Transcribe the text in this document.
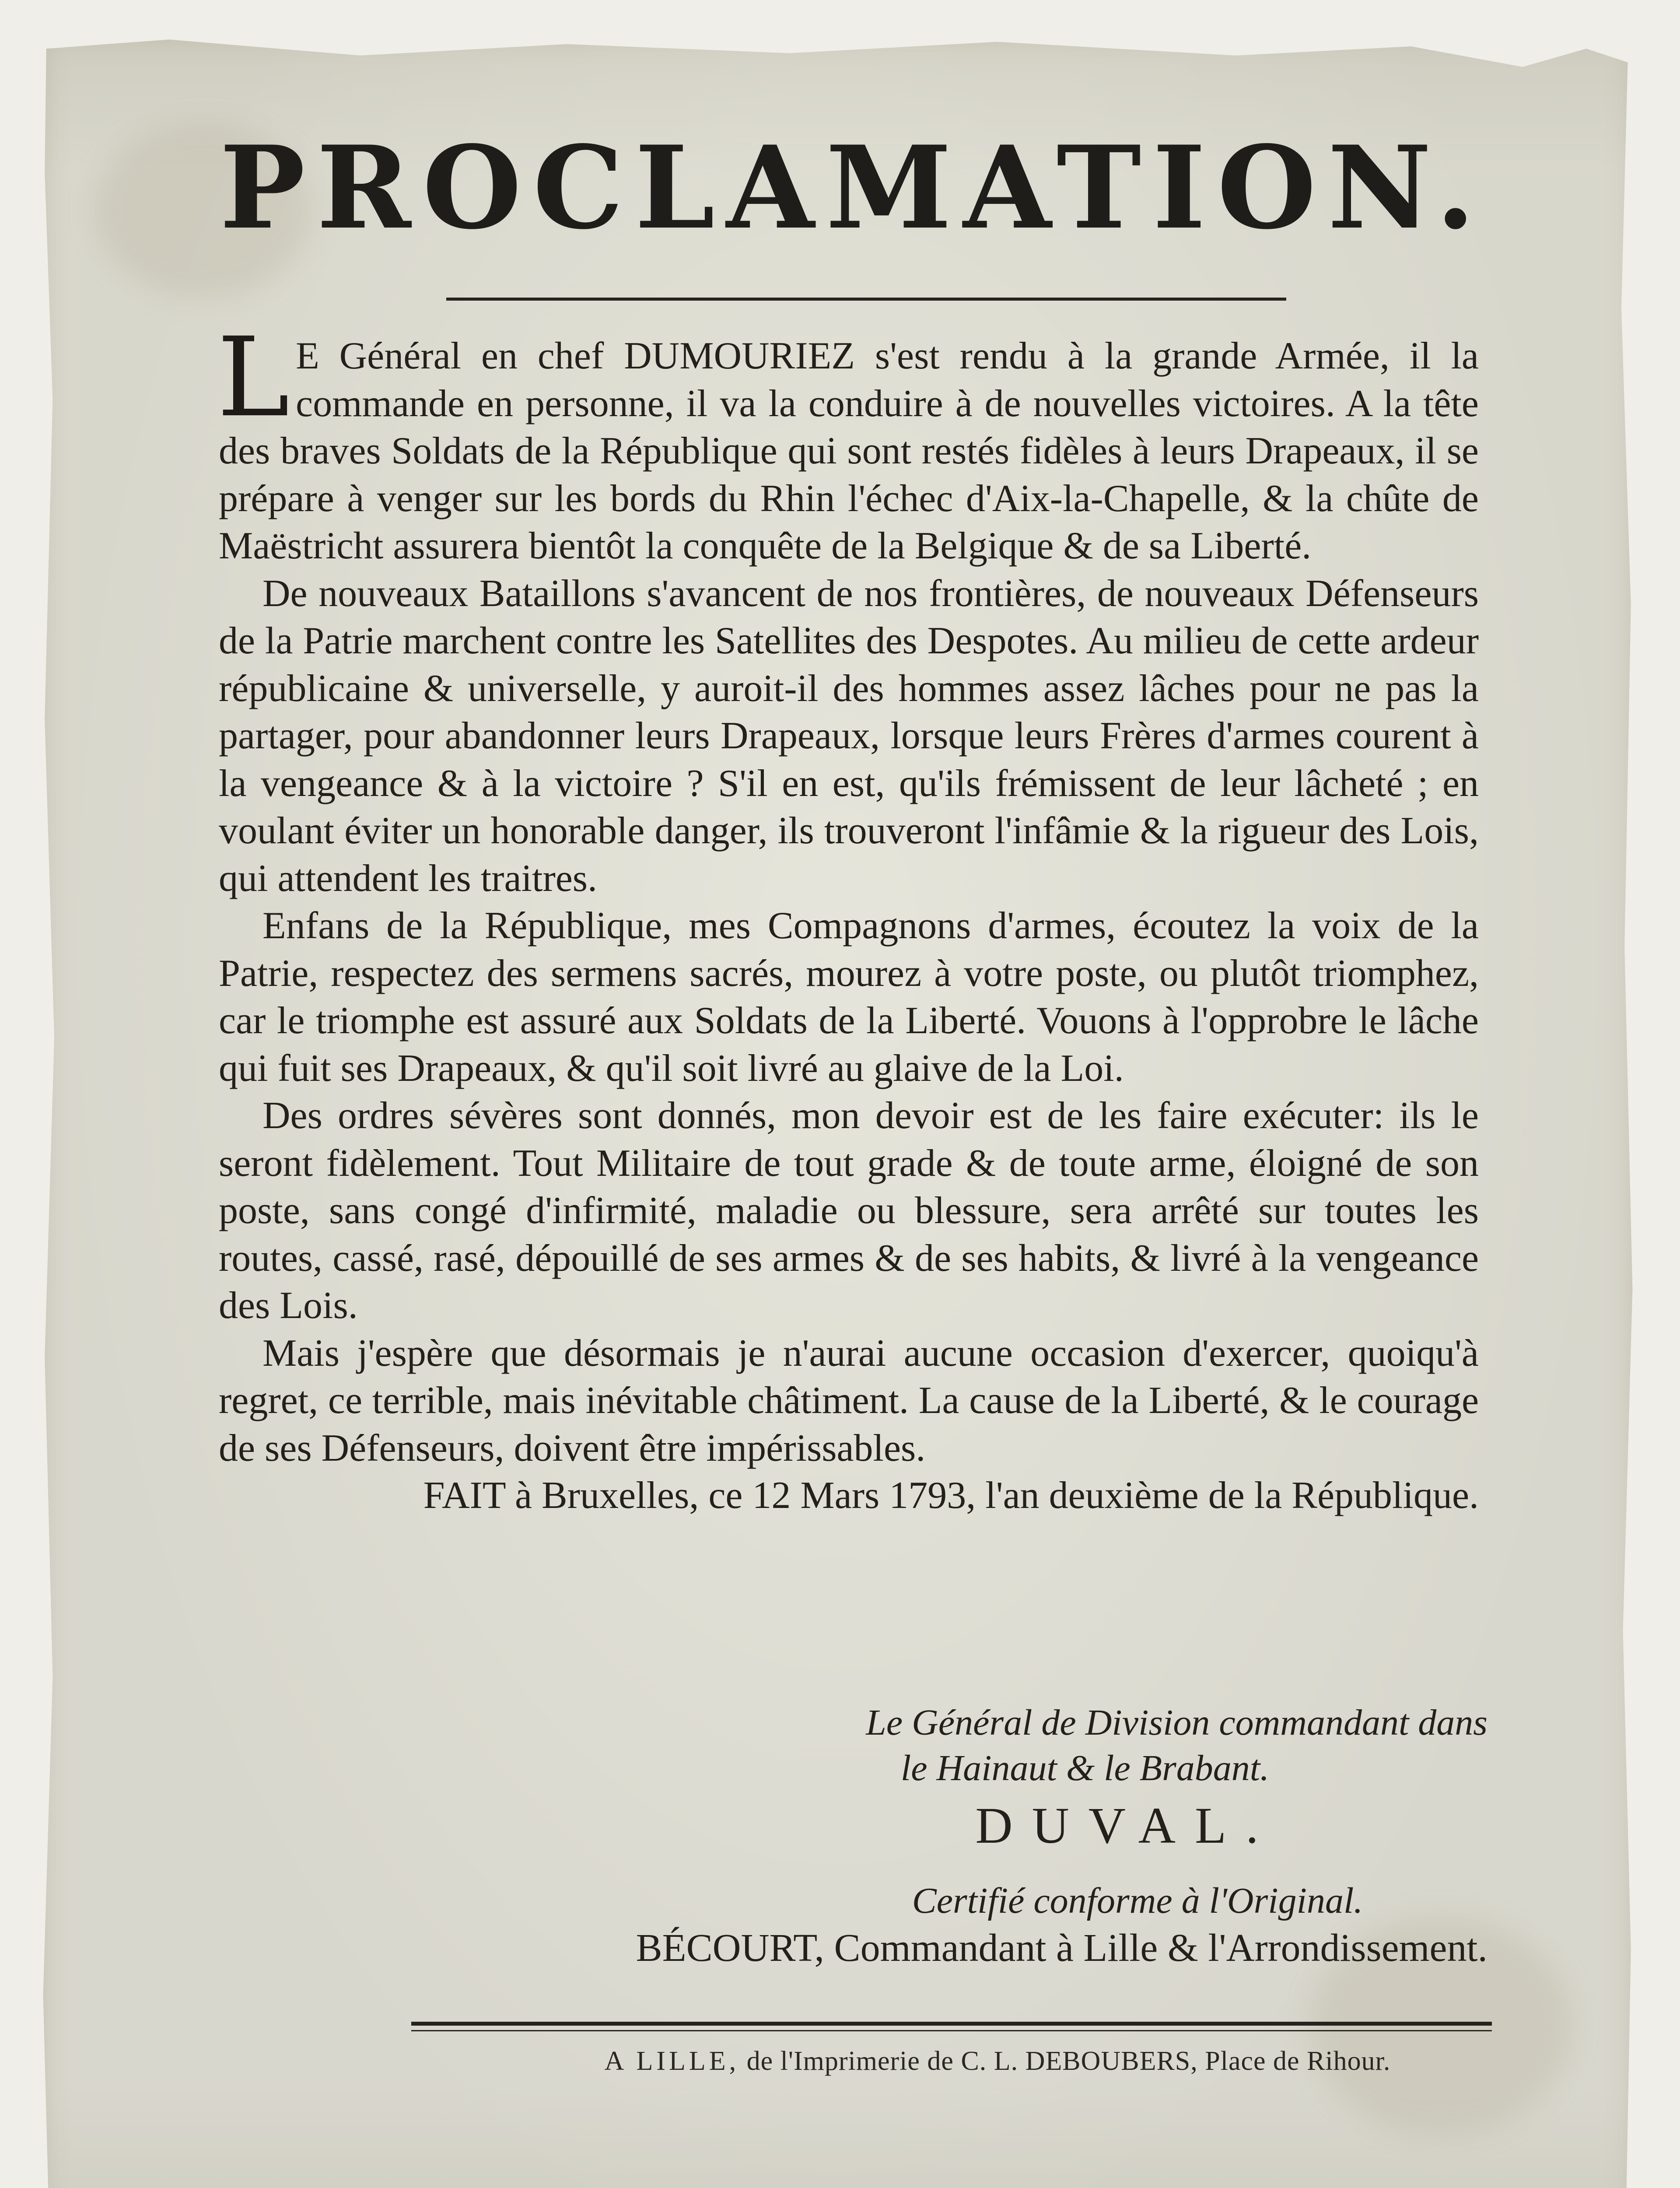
PROCLAMATION.

L E Général en chef DUMOURIEZ s'est rendu à la grande Armée, il la commande en personne, il va la conduire à de nouvelles victoires. A la tête des braves Soldats de la République qui sont restés fidèles à leurs Drapeaux, il se prépare à venger sur les bords du Rhin l'échec d'Aix-la-Chapelle, & la chûte de Maëstricht assurera bientôt la conquête de la Belgique & de sa Liberté.

De nouveaux Bataillons s'avancent de nos frontières, de nouveaux Défenseurs de la Patrie marchent contre les Satellites des Despotes. Au milieu de cette ardeur républicaine & universelle, y auroit-il des hommes assez lâches pour ne pas la partager, pour abandonner leurs Drapeaux, lorsque leurs Frères d'armes courent à la vengeance & à la victoire ? S'il en est, qu'ils frémissent de leur lâcheté ; en voulant éviter un honorable danger, ils trouveront l'infâmie & la rigueur des Lois, qui attendent les traitres.

Enfans de la République, mes Compagnons d'armes, écoutez la voix de la Patrie, respectez des sermens sacrés, mourez à votre poste, ou plutôt triomphez, car le triomphe est assuré aux Soldats de la Liberté. Vouons à l'opprobre le lâche qui fuit ses Drapeaux, & qu'il soit livré au glaive de la Loi.

Des ordres sévères sont donnés, mon devoir est de les faire exécuter: ils le seront fidèlement. Tout Militaire de tout grade & de toute arme, éloigné de son poste, sans congé d'infirmité, maladie ou blessure, sera arrêté sur toutes les routes, cassé, rasé, dépouillé de ses armes & de ses habits, & livré à la vengeance des Lois.

Mais j'espère que désormais je n'aurai aucune occasion d'exercer, quoiqu'à regret, ce terrible, mais inévitable châtiment. La cause de la Liberté, & le courage de ses Défenseurs, doivent être impérissables.

FAIT à Bruxelles, ce 12 Mars 1793, l'an deuxième de la République.

Le Général de Division commandant dans
le Hainaut & le Brabant.
DUVAL.
Certifié conforme à l'Original.
BÉCOURT, Commandant à Lille & l'Arrondissement.
A LILLE, de l'Imprimerie de C. L. DEBOUBERS, Place de Rihour.
